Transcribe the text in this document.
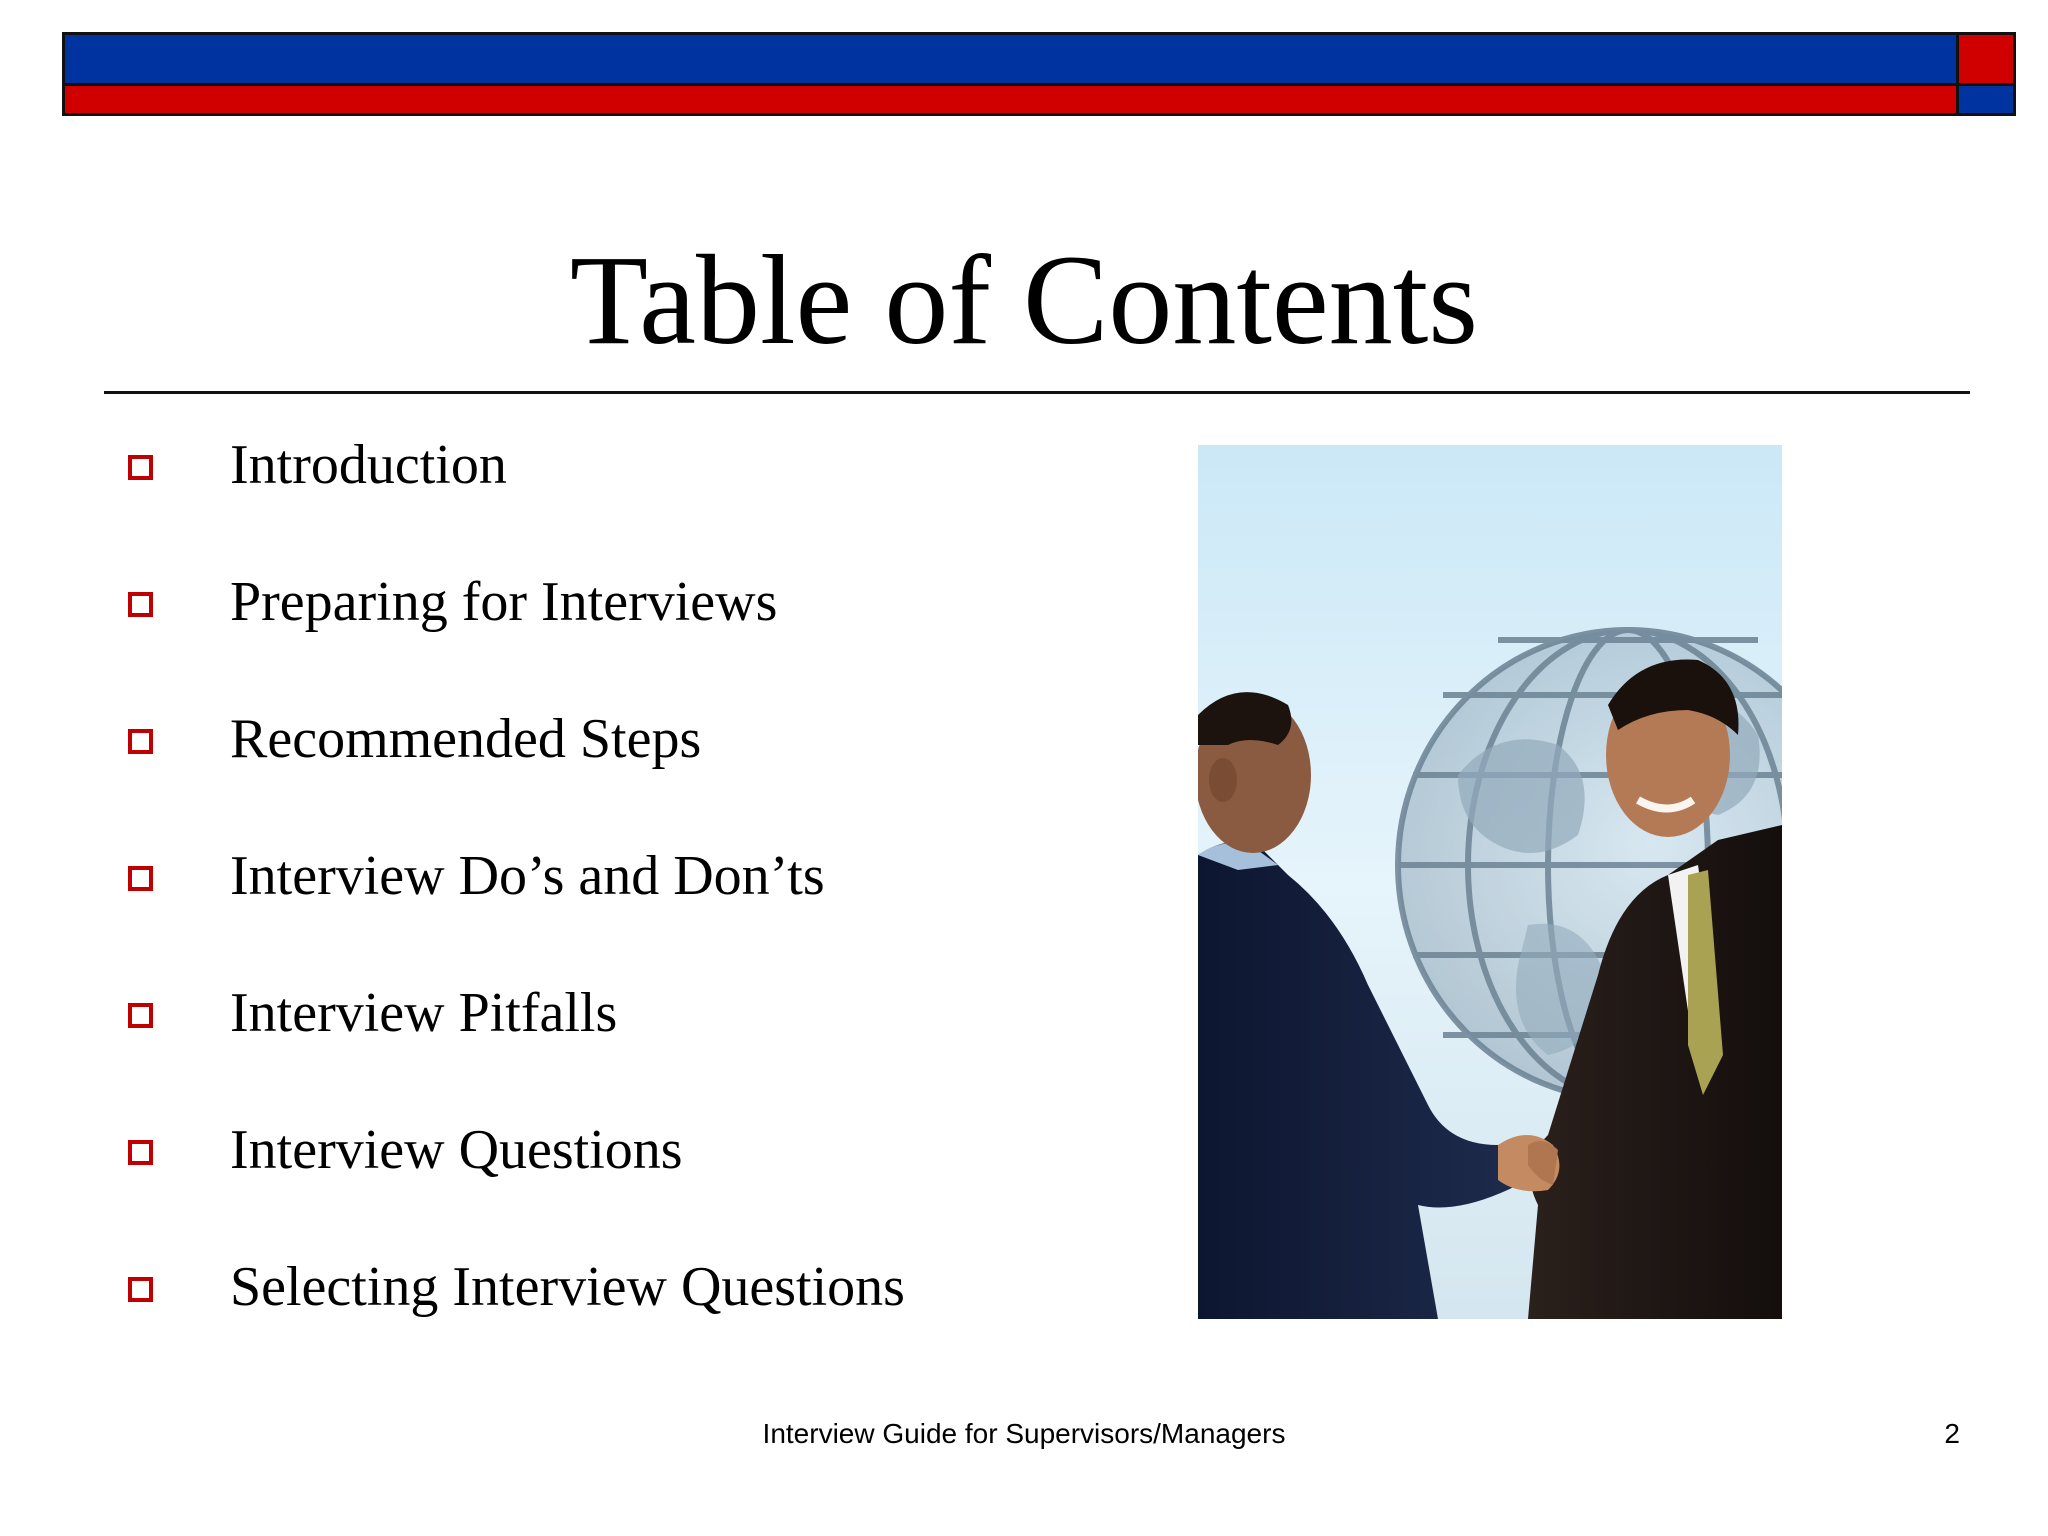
Table of Contents
Introduction
Preparing for Interviews
Recommended Steps
Interview Do’s and Don’ts
Interview Pitfalls
Interview Questions
Selecting Interview Questions
Interview Guide for Supervisors/Managers	2
